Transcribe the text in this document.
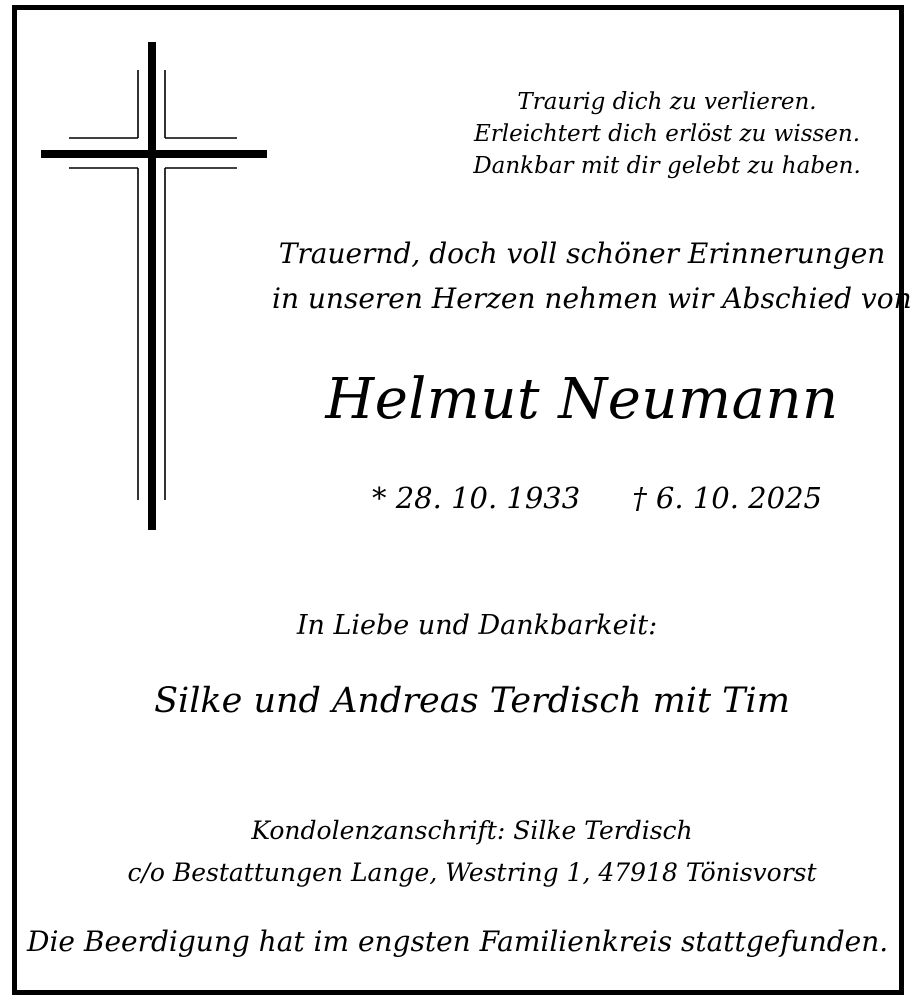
Traurig dich zu verlieren.
Erleichtert dich erlöst zu wissen.
Dankbar mit dir gelebt zu haben.
Trauernd, doch voll schöner Erinnerungen
in unseren Herzen nehmen wir Abschied von
Helmut Neumann
* 28. 10. 1933 † 6. 10. 2025
In Liebe und Dankbarkeit:
Silke und Andreas Terdisch mit Tim
Kondolenzanschrift: Silke Terdisch
c/o Bestattungen Lange, Westring 1, 47918 Tönisvorst
Die Beerdigung hat im engsten Familienkreis stattgefunden.
